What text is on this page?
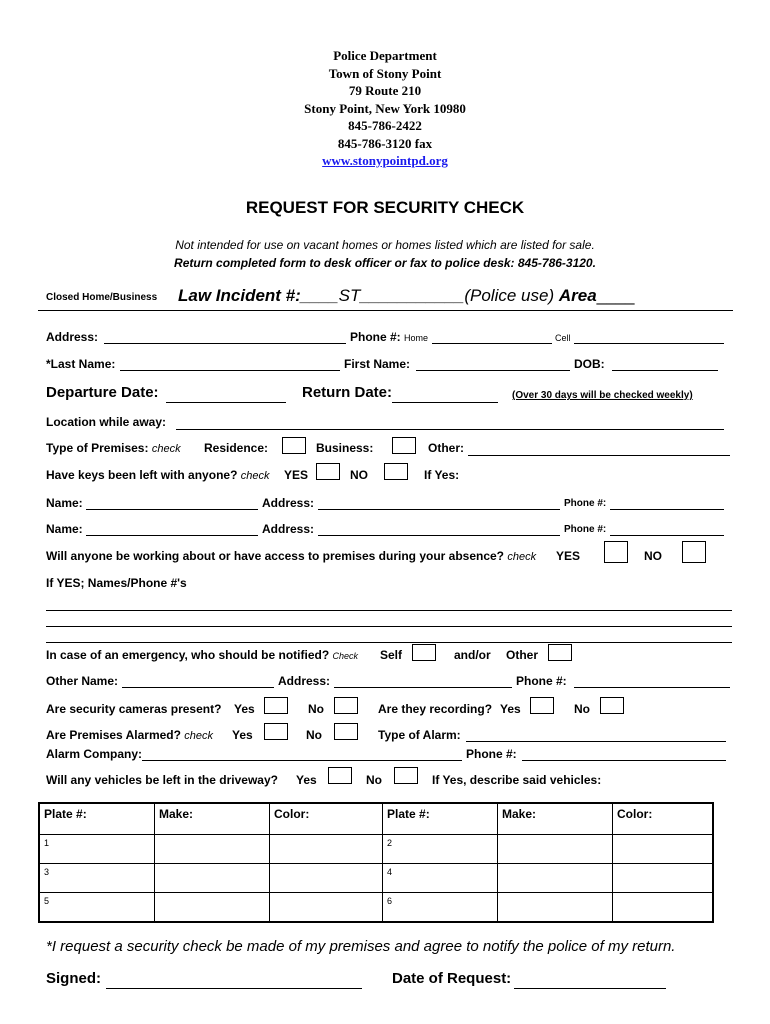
Police Department
Town of Stony Point
79 Route 210
Stony Point, New York 10980
845-786-2422
845-786-3120 fax
www.stonypointpd.org
REQUEST FOR SECURITY CHECK
Not intended for use on vacant homes or homes listed which are listed for sale.
Return completed form to desk officer or fax to police desk: 845-786-3120.
Closed Home/Business Law Incident #:____ST___________(Police use) Area____
Address:	Phone #: Home	Cell
*Last Name:	First Name:	DOB:
Departure Date:	Return Date:	(Over 30 days will be checked weekly)
Location while away:
Type of Premises: check Residence:	Business:	Other:
Have keys been left with anyone? check YES	NO	If Yes:
Name:	Address:	Phone #:
Name:	Address:	Phone #:
Will anyone be working about or have access to premises during your absence? check YES	NO
If YES; Names/Phone #'s
In case of an emergency, who should be notified? Check Self	and/or Other
Other Name:	Address:	Phone #:
Are security cameras present? Yes	No	Are they recording? Yes	No
Are Premises Alarmed? check Yes	No	Type of Alarm:
Alarm Company:	Phone #:
Will any vehicles be left in the driveway? Yes	No	If Yes, describe said vehicles:
Plate #:	Make:	Color:	Plate #:	Make:	Color:
1			2		
3			4		
5			6		
*I request a security check be made of my premises and agree to notify the police of my return.
Signed:	Date of Request:
